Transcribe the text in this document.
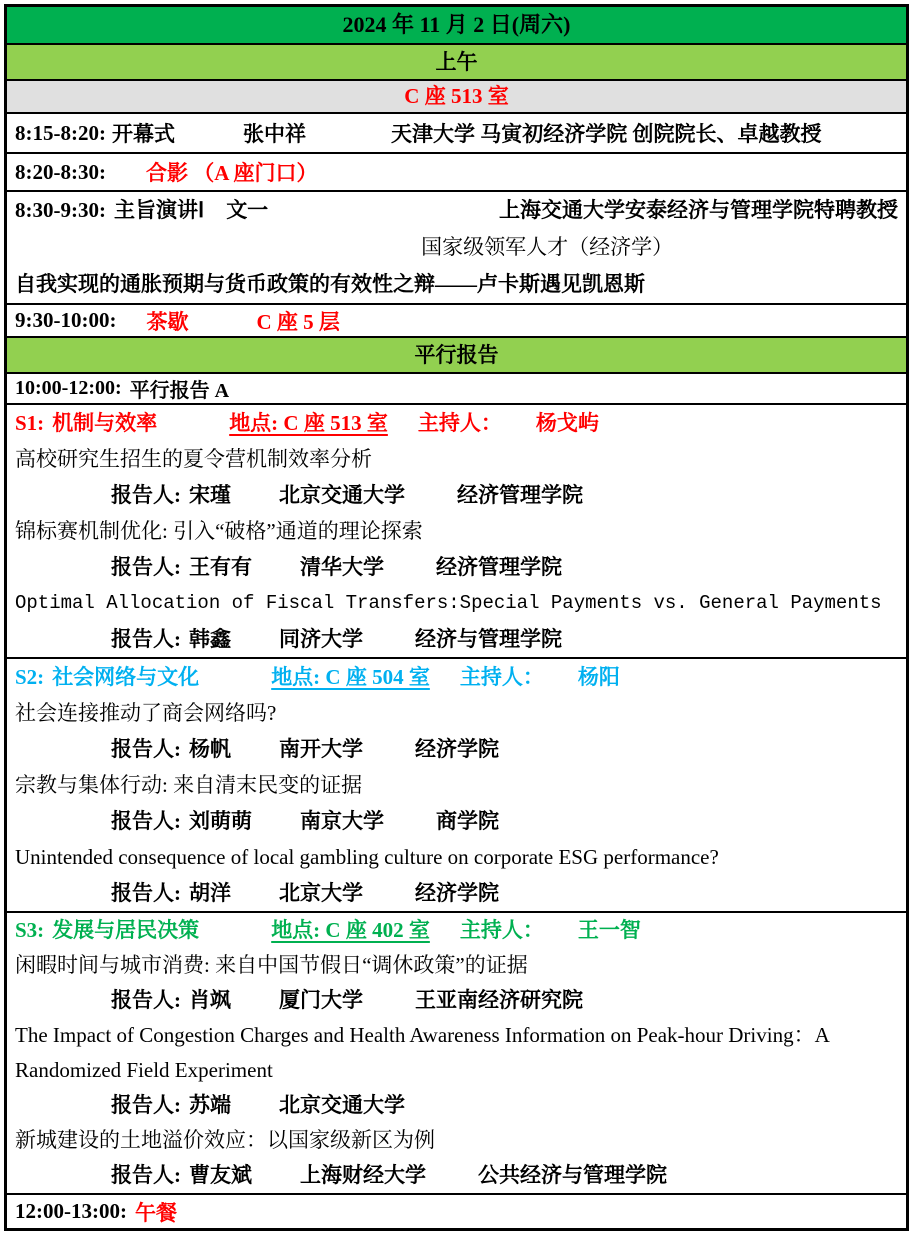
2024 年 11 月 2 日(周六)
上午
C 座 513 室
8:15-8:20: 开幕式	张中祥	天津大学 马寅初经济学院 创院院长、卓越教授
8:20-8:30: 合影 （A 座门口）
8:30-9:30: 主旨演讲Ⅰ 文一	上海交通大学安泰经济与管理学院特聘教授
国家级领军人才（经济学）
自我实现的通胀预期与货币政策的有效性之辩——卢卡斯遇见凯恩斯
9:30-10:00: 茶歇	C 座 5 层
平行报告
10:00-12:00: 平行报告 A
S1: 机制与效率	地点: C 座 513 室 主持人： 杨戈屿
高校研究生招生的夏令营机制效率分析
报告人: 宋瑾 北京交通大学 经济管理学院
锦标赛机制优化: 引入“破格”通道的理论探索
报告人: 王有有 清华大学 经济管理学院
Optimal Allocation of Fiscal Transfers:Special Payments vs. General Payments
报告人: 韩鑫 同济大学 经济与管理学院
S2: 社会网络与文化	地点: C 座 504 室 主持人： 杨阳
社会连接推动了商会网络吗?
报告人: 杨帆 南开大学 经济学院
宗教与集体行动: 来自清末民变的证据
报告人: 刘萌萌 南京大学 商学院
Unintended consequence of local gambling culture on corporate ESG performance?
报告人: 胡洋 北京大学 经济学院
S3: 发展与居民决策	地点: C 座 402 室 主持人： 王一智
闲暇时间与城市消费: 来自中国节假日“调休政策”的证据
报告人: 肖飒 厦门大学 王亚南经济研究院
The Impact of Congestion Charges and Health Awareness Information on Peak-hour Driving：A Randomized Field Experiment
报告人: 苏端 北京交通大学
新城建设的土地溢价效应：以国家级新区为例
报告人: 曹友斌 上海财经大学 公共经济与管理学院
12:00-13:00: 午餐
